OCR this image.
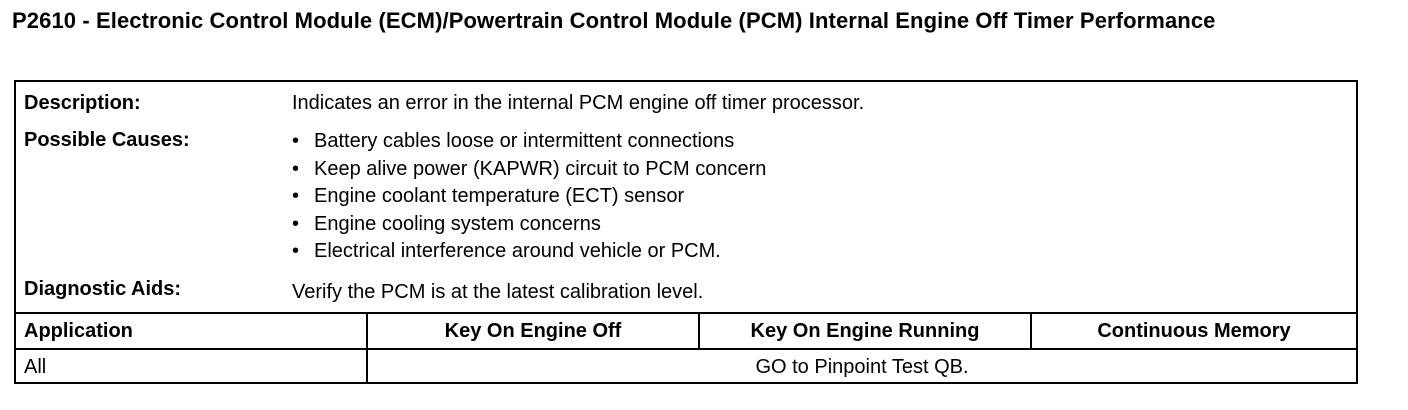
P2610 - Electronic Control Module (ECM)/Powertrain Control Module (PCM) Internal Engine Off Timer Performance
Description:	Indicates an error in the internal PCM engine off timer processor.
Possible Causes:	• Battery cables loose or intermittent connections
• Keep alive power (KAPWR) circuit to PCM concern
• Engine coolant temperature (ECT) sensor
• Engine cooling system concerns
• Electrical interference around vehicle or PCM.
Diagnostic Aids:	Verify the PCM is at the latest calibration level.
Application	Key On Engine Off	Key On Engine Running	Continuous Memory
All	GO to Pinpoint Test QB.
